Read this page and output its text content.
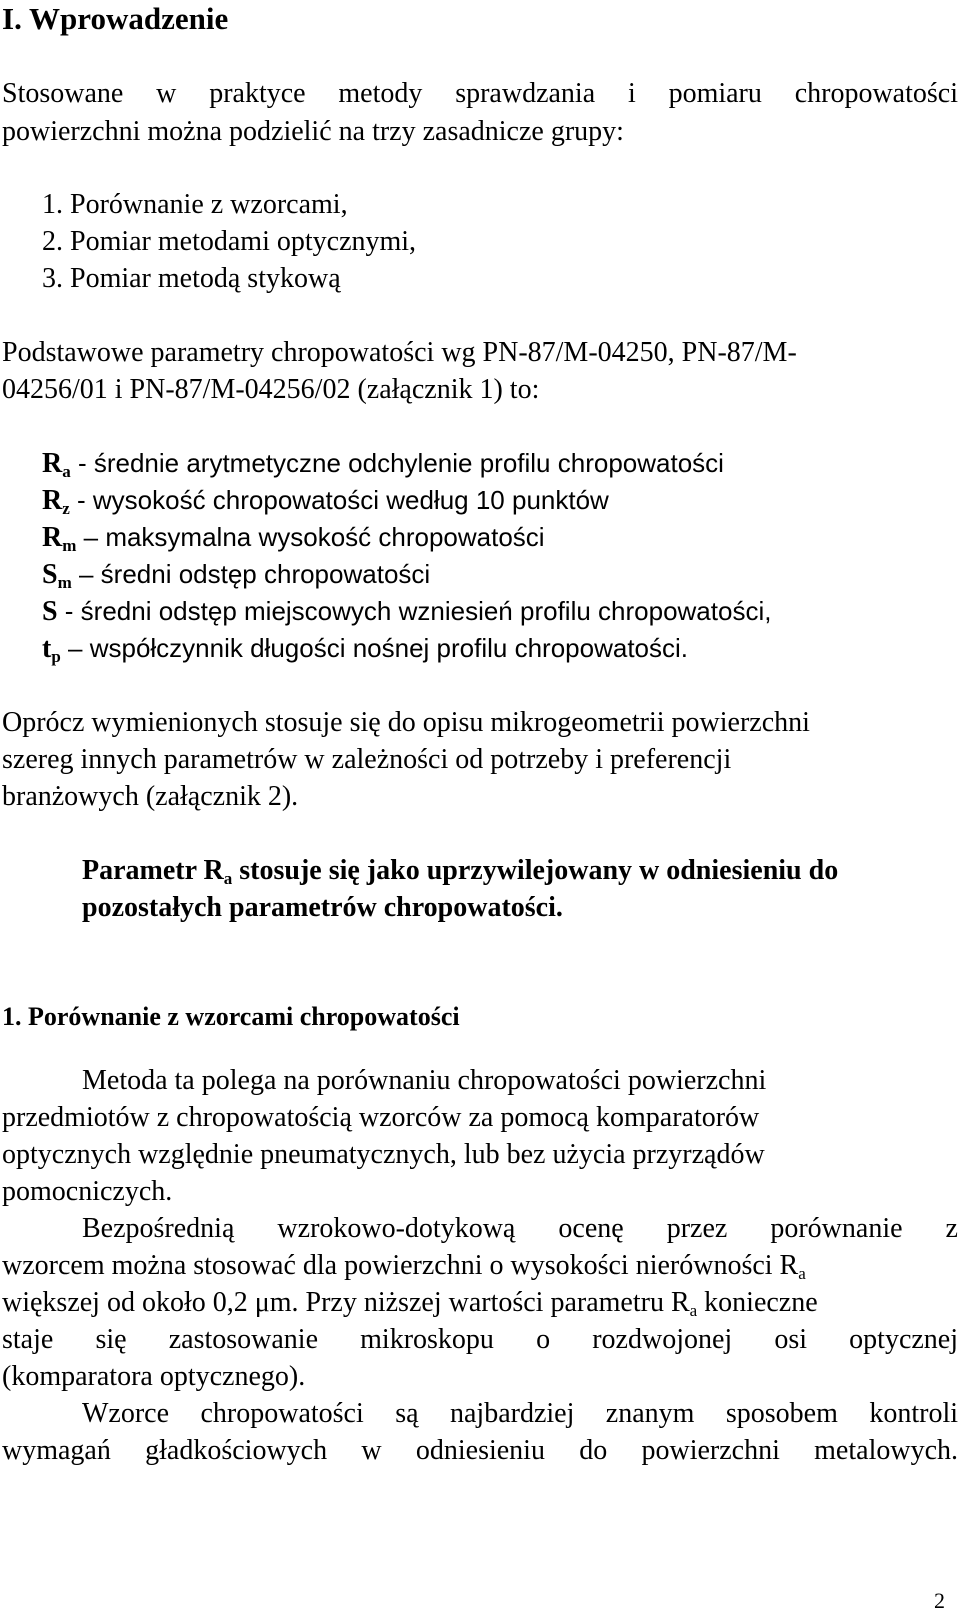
I. Wprowadzenie
Stosowane w praktyce metody sprawdzania i pomiaru chropowatości
powierzchni można podzielić na trzy zasadnicze grupy:
1. Porównanie z wzorcami,
2. Pomiar metodami optycznymi,
3. Pomiar metodą stykową
Podstawowe parametry chropowatości wg PN-87/M-04250, PN-87/M-
04256/01 i PN-87/M-04256/02 (załącznik 1) to:
$R_a$ - średnie arytmetyczne odchylenie profilu chropowatości
$R_z$ - wysokość chropowatości według 10 punktów
$R_m$ – maksymalna wysokość chropowatości
$S_m$ – średni odstęp chropowatości
S - średni odstęp miejscowych wzniesień profilu chropowatości,
$t_p$ – współczynnik długości nośnej profilu chropowatości.
Oprócz wymienionych stosuje się do opisu mikrogeometrii powierzchni
szereg innych parametrów w zależności od potrzeby i preferencji
branżowych (załącznik 2).
Parametr $R_a$ stosuje się jako uprzywilejowany w odniesieniu do
pozostałych parametrów chropowatości.
1. Porównanie z wzorcami chropowatości
Metoda ta polega na porównaniu chropowatości powierzchni
przedmiotów z chropowatością wzorców za pomocą komparatorów
optycznych względnie pneumatycznych, lub bez użycia przyrządów
pomocniczych.
Bezpośrednią wzrokowo-dotykową ocenę przez porównanie z
wzorcem można stosować dla powierzchni o wysokości nierówności $R_a$
większej od około 0,2 μm. Przy niższej wartości parametru $R_a$ konieczne
staje się zastosowanie mikroskopu o rozdwojonej osi optycznej
(komparatora optycznego).
Wzorce chropowatości są najbardziej znanym sposobem kontroli
wymagań gładkościowych w odniesieniu do powierzchni metalowych.
2
